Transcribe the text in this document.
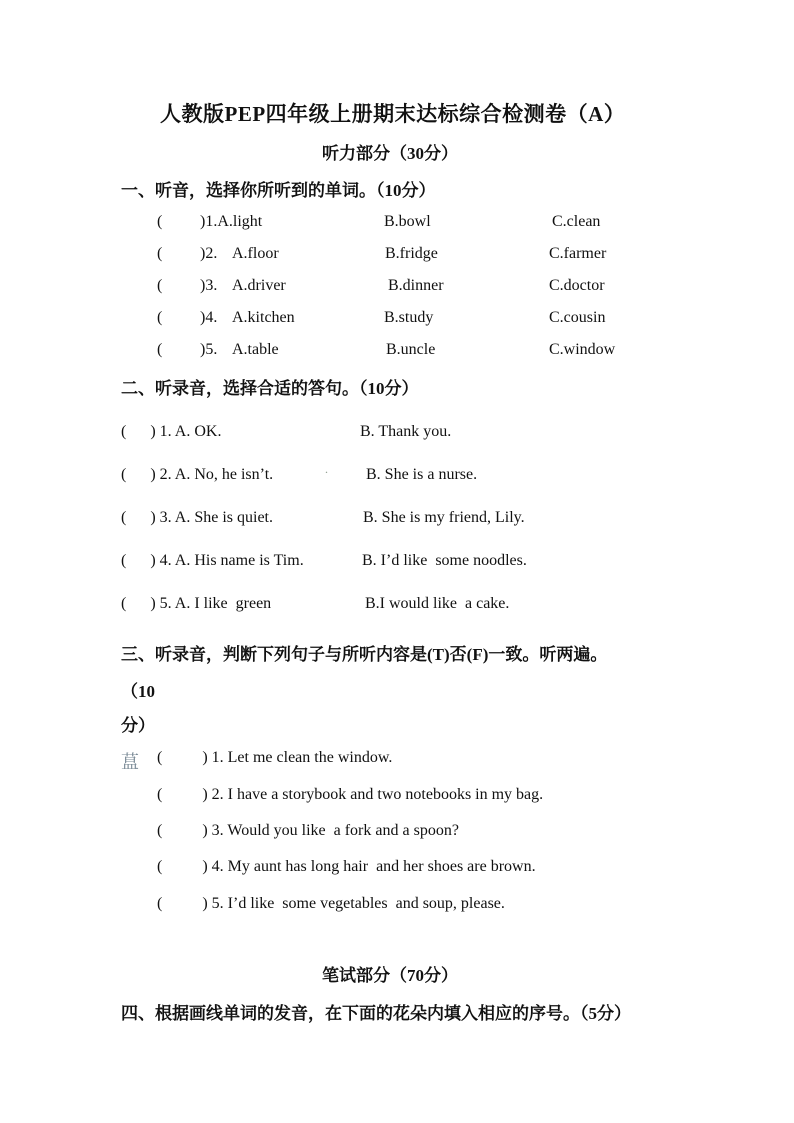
人教版PEP四年级上册期末达标综合检测卷（A）
听力部分（30分）
一、听音，选择你所听到的单词。（10分）
( )1.A.light	B.bowl	C.clean
( )2. A.floor	B.fridge	C.farmer
( )3. A.driver	B.dinner	C.doctor
( )4. A.kitchen	B.study	C.cousin
( )5. A.table	B.uncle	C.window
二、听录音，选择合适的答句。（10分）
(      ) 1. A. OK.	B. Thank you.
(      ) 2. A. No, he isn’t.	. B. She is a nurse.
(      ) 3. A. She is quiet.	B. She is my friend, Lily.
(      ) 4. A. His name is Tim.	B. I’d like  some noodles.
(      ) 5. A. I like  green	B.I would like  a cake.
三、听录音，判断下列句子与所听内容是(T)否(F)一致。听两遍。
（10
分）
蒀 (          ) 1. Let me clean the window.
(          ) 2. I have a storybook and two notebooks in my bag.
(          ) 3. Would you like  a fork and a spoon?
(          ) 4. My aunt has long hair  and her shoes are brown.
(          ) 5. I’d like  some vegetables  and soup, please.
笔试部分（70分）
四、根据画线单词的发音，在下面的花朵内填入相应的序号。（5分）
